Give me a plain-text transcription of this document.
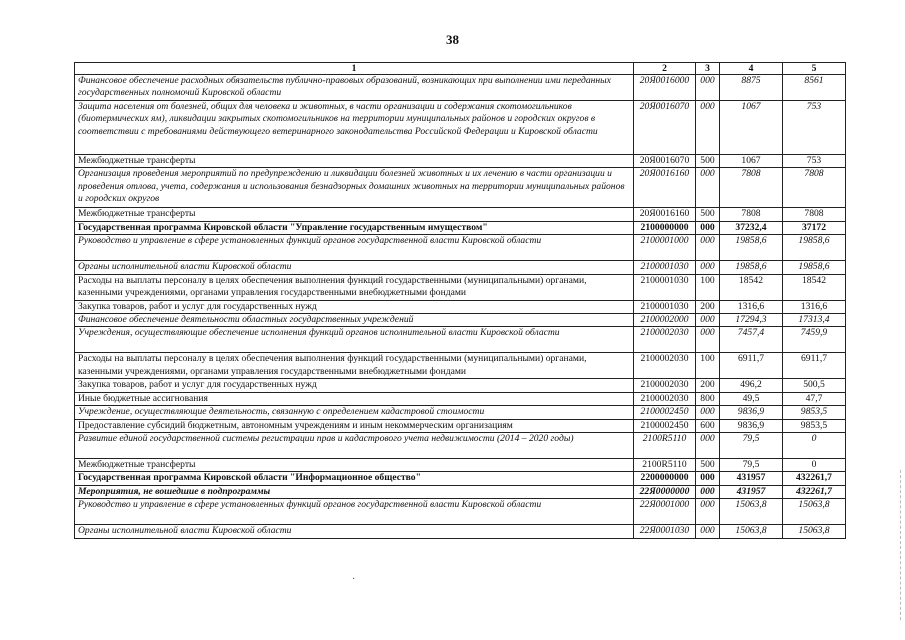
38
1	2	3	4	5
Финансовое обеспечение расходных обязательств публично-правовых образований, возникающих при выполнении ими переданных государственных полномочий Кировской области	20Я0016000	000	8875	8561
Защита населения от болезней, общих для человека и животных, в части организации и содержания скотомогильников (биотермических ям), ликвидации закрытых скотомогильников на территории муниципальных районов и городских округов в соответствии с требованиями действующего ветеринарного законодательства Российской Федерации и Кировской области	20Я0016070	000	1067	753
Межбюджетные трансферты	20Я0016070	500	1067	753
Организация проведения мероприятий по предупреждению и ликвидации болезней животных и их лечению в части организации и проведения отлова, учета, содержания и использования безнадзорных домашних животных на территории муниципальных районов и городских округов	20Я0016160	000	7808	7808
Межбюджетные трансферты	20Я0016160	500	7808	7808
Государственная программа Кировской области "Управление государственным имуществом"	2100000000	000	37232,4	37172
Руководство и управление в сфере установленных функций органов государственной власти Кировской области	2100001000	000	19858,6	19858,6
Органы исполнительной власти Кировской области	2100001030	000	19858,6	19858,6
Расходы на выплаты персоналу в целях обеспечения выполнения функций государственными (муниципальными) органами, казенными учреждениями, органами управления государственными внебюджетными фондами	2100001030	100	18542	18542
Закупка товаров, работ и услуг для государственных нужд	2100001030	200	1316,6	1316,6
Финансовое обеспечение деятельности областных государственных учреждений	2100002000	000	17294,3	17313,4
Учреждения, осуществляющие обеспечение исполнения функций органов исполнительной власти Кировской области	2100002030	000	7457,4	7459,9
Расходы на выплаты персоналу в целях обеспечения выполнения функций государственными (муниципальными) органами, казенными учреждениями, органами управления государственными внебюджетными фондами	2100002030	100	6911,7	6911,7
Закупка товаров, работ и услуг для государственных нужд	2100002030	200	496,2	500,5
Иные бюджетные ассигнования	2100002030	800	49,5	47,7
Учреждение, осуществляющие деятельность, связанную с определением кадастровой стоимости	2100002450	000	9836,9	9853,5
Предоставление субсидий бюджетным, автономным учреждениям и иным некоммерческим организациям	2100002450	600	9836,9	9853,5
Развитие единой государственной системы регистрации прав и кадастрового учета недвижимости (2014 – 2020 годы)	2100R5110	000	79,5	0
Межбюджетные трансферты	2100R5110	500	79,5	0
Государственная программа Кировской области "Информационное общество"	2200000000	000	431957	432261,7
Мероприятия, не вошедшие в подпрограммы	22Я0000000	000	431957	432261,7
Руководство и управление в сфере установленных функций органов государственной власти Кировской области	22Я0001000	000	15063,8	15063,8
Органы исполнительной власти Кировской области	22Я0001030	000	15063,8	15063,8
·
